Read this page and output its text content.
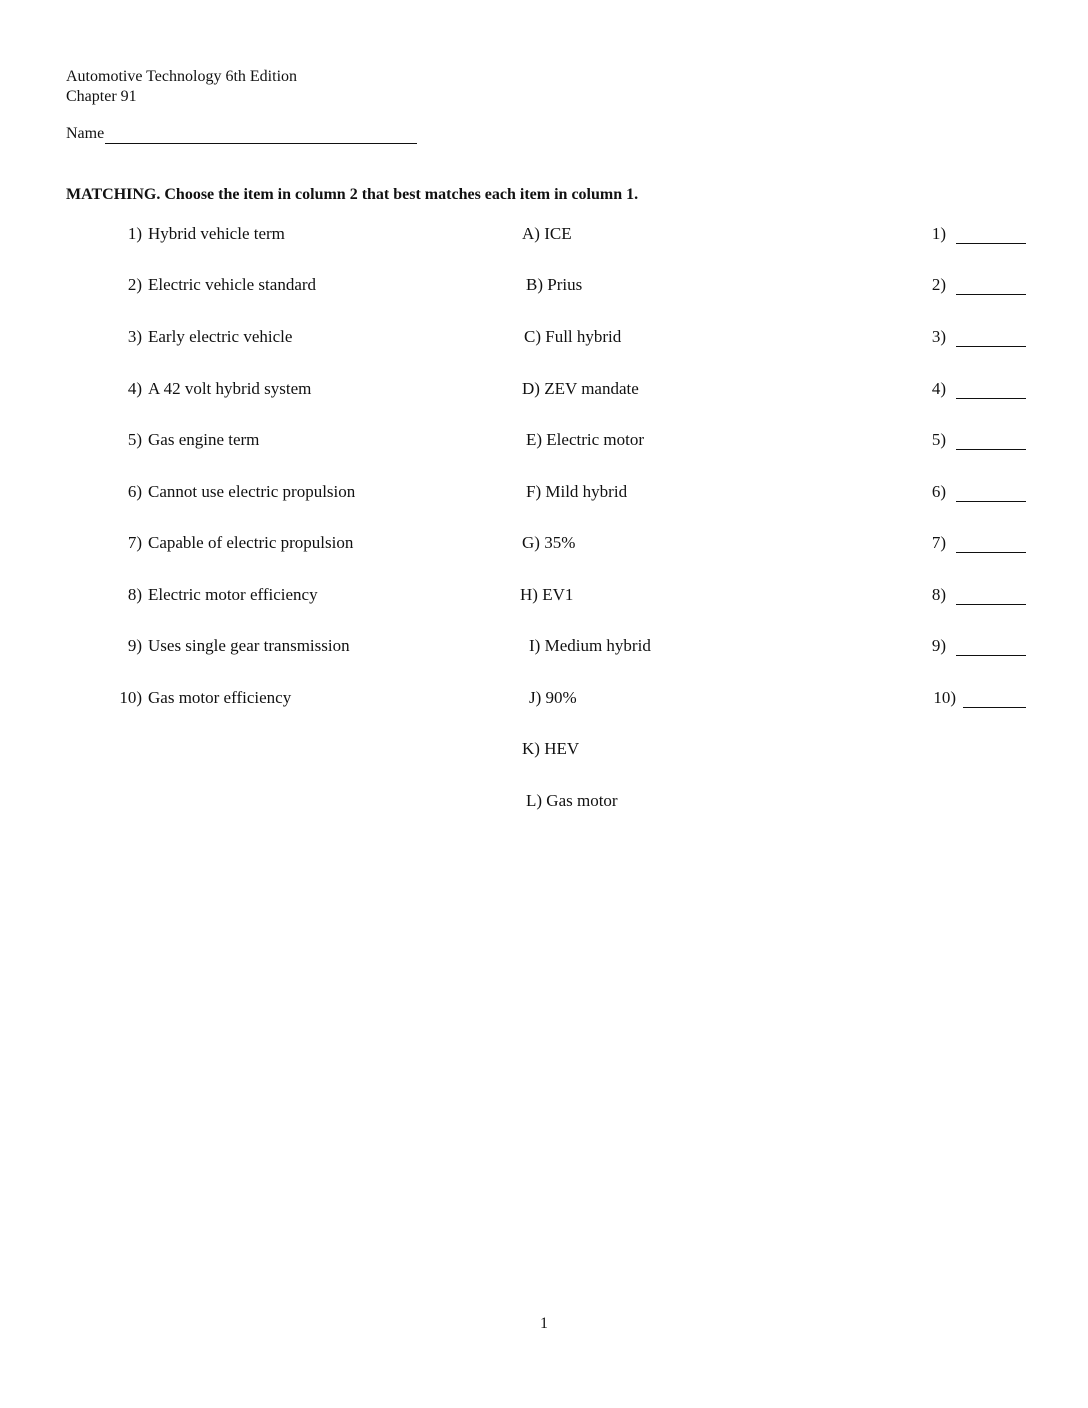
Automotive Technology 6th Edition
Chapter 91
Name
MATCHING. Choose the item in column 2 that best matches each item in column 1.
1) Hybrid vehicle term
2) Electric vehicle standard
3) Early electric vehicle
4) A 42 volt hybrid system
5) Gas engine term
6) Cannot use electric propulsion
7) Capable of electric propulsion
8) Electric motor efficiency
9) Uses single gear transmission
10) Gas motor efficiency
A) ICE
B) Prius
C) Full hybrid
D) ZEV mandate
E) Electric motor
F) Mild hybrid
G) 35%
H) EV1
I) Medium hybrid
J) 90%
K) HEV
L) Gas motor
1)
2)
3)
4)
5)
6)
7)
8)
9)
10)
1
